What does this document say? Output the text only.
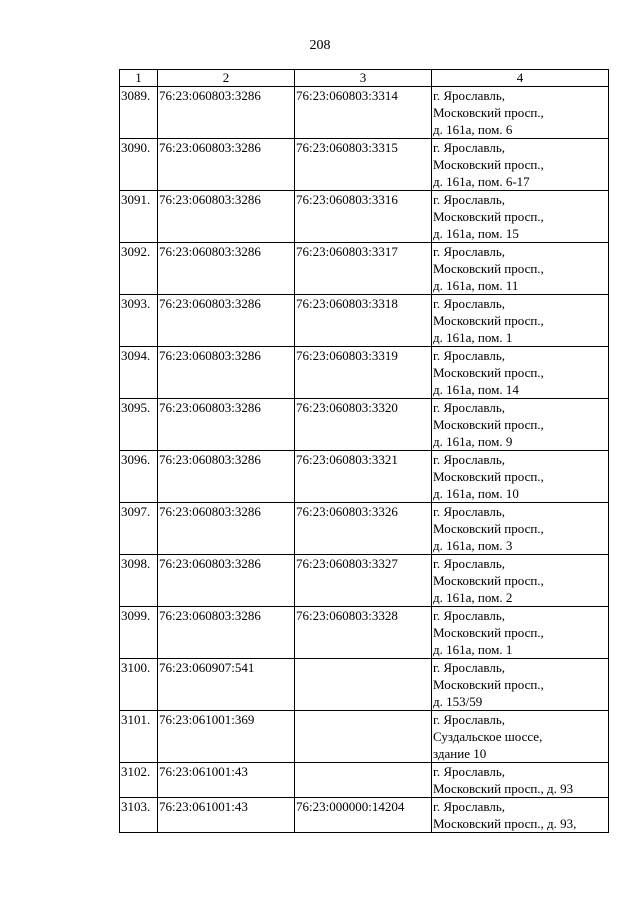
208
1	2	3	4
3089.	76:23:060803:3286	76:23:060803:3314	г. Ярославль,
Московский просп.,
д. 161а, пом. 6

3090.	76:23:060803:3286	76:23:060803:3315	г. Ярославль,
Московский просп.,
д. 161а, пом. 6-17

3091.	76:23:060803:3286	76:23:060803:3316	г. Ярославль,
Московский просп.,
д. 161а, пом. 15

3092.	76:23:060803:3286	76:23:060803:3317	г. Ярославль,
Московский просп.,
д. 161а, пом. 11

3093.	76:23:060803:3286	76:23:060803:3318	г. Ярославль,
Московский просп.,
д. 161а, пом. 1

3094.	76:23:060803:3286	76:23:060803:3319	г. Ярославль,
Московский просп.,
д. 161а, пом. 14

3095.	76:23:060803:3286	76:23:060803:3320	г. Ярославль,
Московский просп.,
д. 161а, пом. 9

3096.	76:23:060803:3286	76:23:060803:3321	г. Ярославль,
Московский просп.,
д. 161а, пом. 10

3097.	76:23:060803:3286	76:23:060803:3326	г. Ярославль,
Московский просп.,
д. 161а, пом. 3

3098.	76:23:060803:3286	76:23:060803:3327	г. Ярославль,
Московский просп.,
д. 161а, пом. 2

3099.	76:23:060803:3286	76:23:060803:3328	г. Ярославль,
Московский просп.,
д. 161а, пом. 1

3100.	76:23:060907:541		г. Ярославль,
Московский просп.,
д. 153/59

3101.	76:23:061001:369		г. Ярославль,
Суздальское шоссе,
здание 10

3102.	76:23:061001:43		г. Ярославль,
Московский просп., д. 93

3103.	76:23:061001:43	76:23:000000:14204	г. Ярославль,
Московский просп., д. 93,
